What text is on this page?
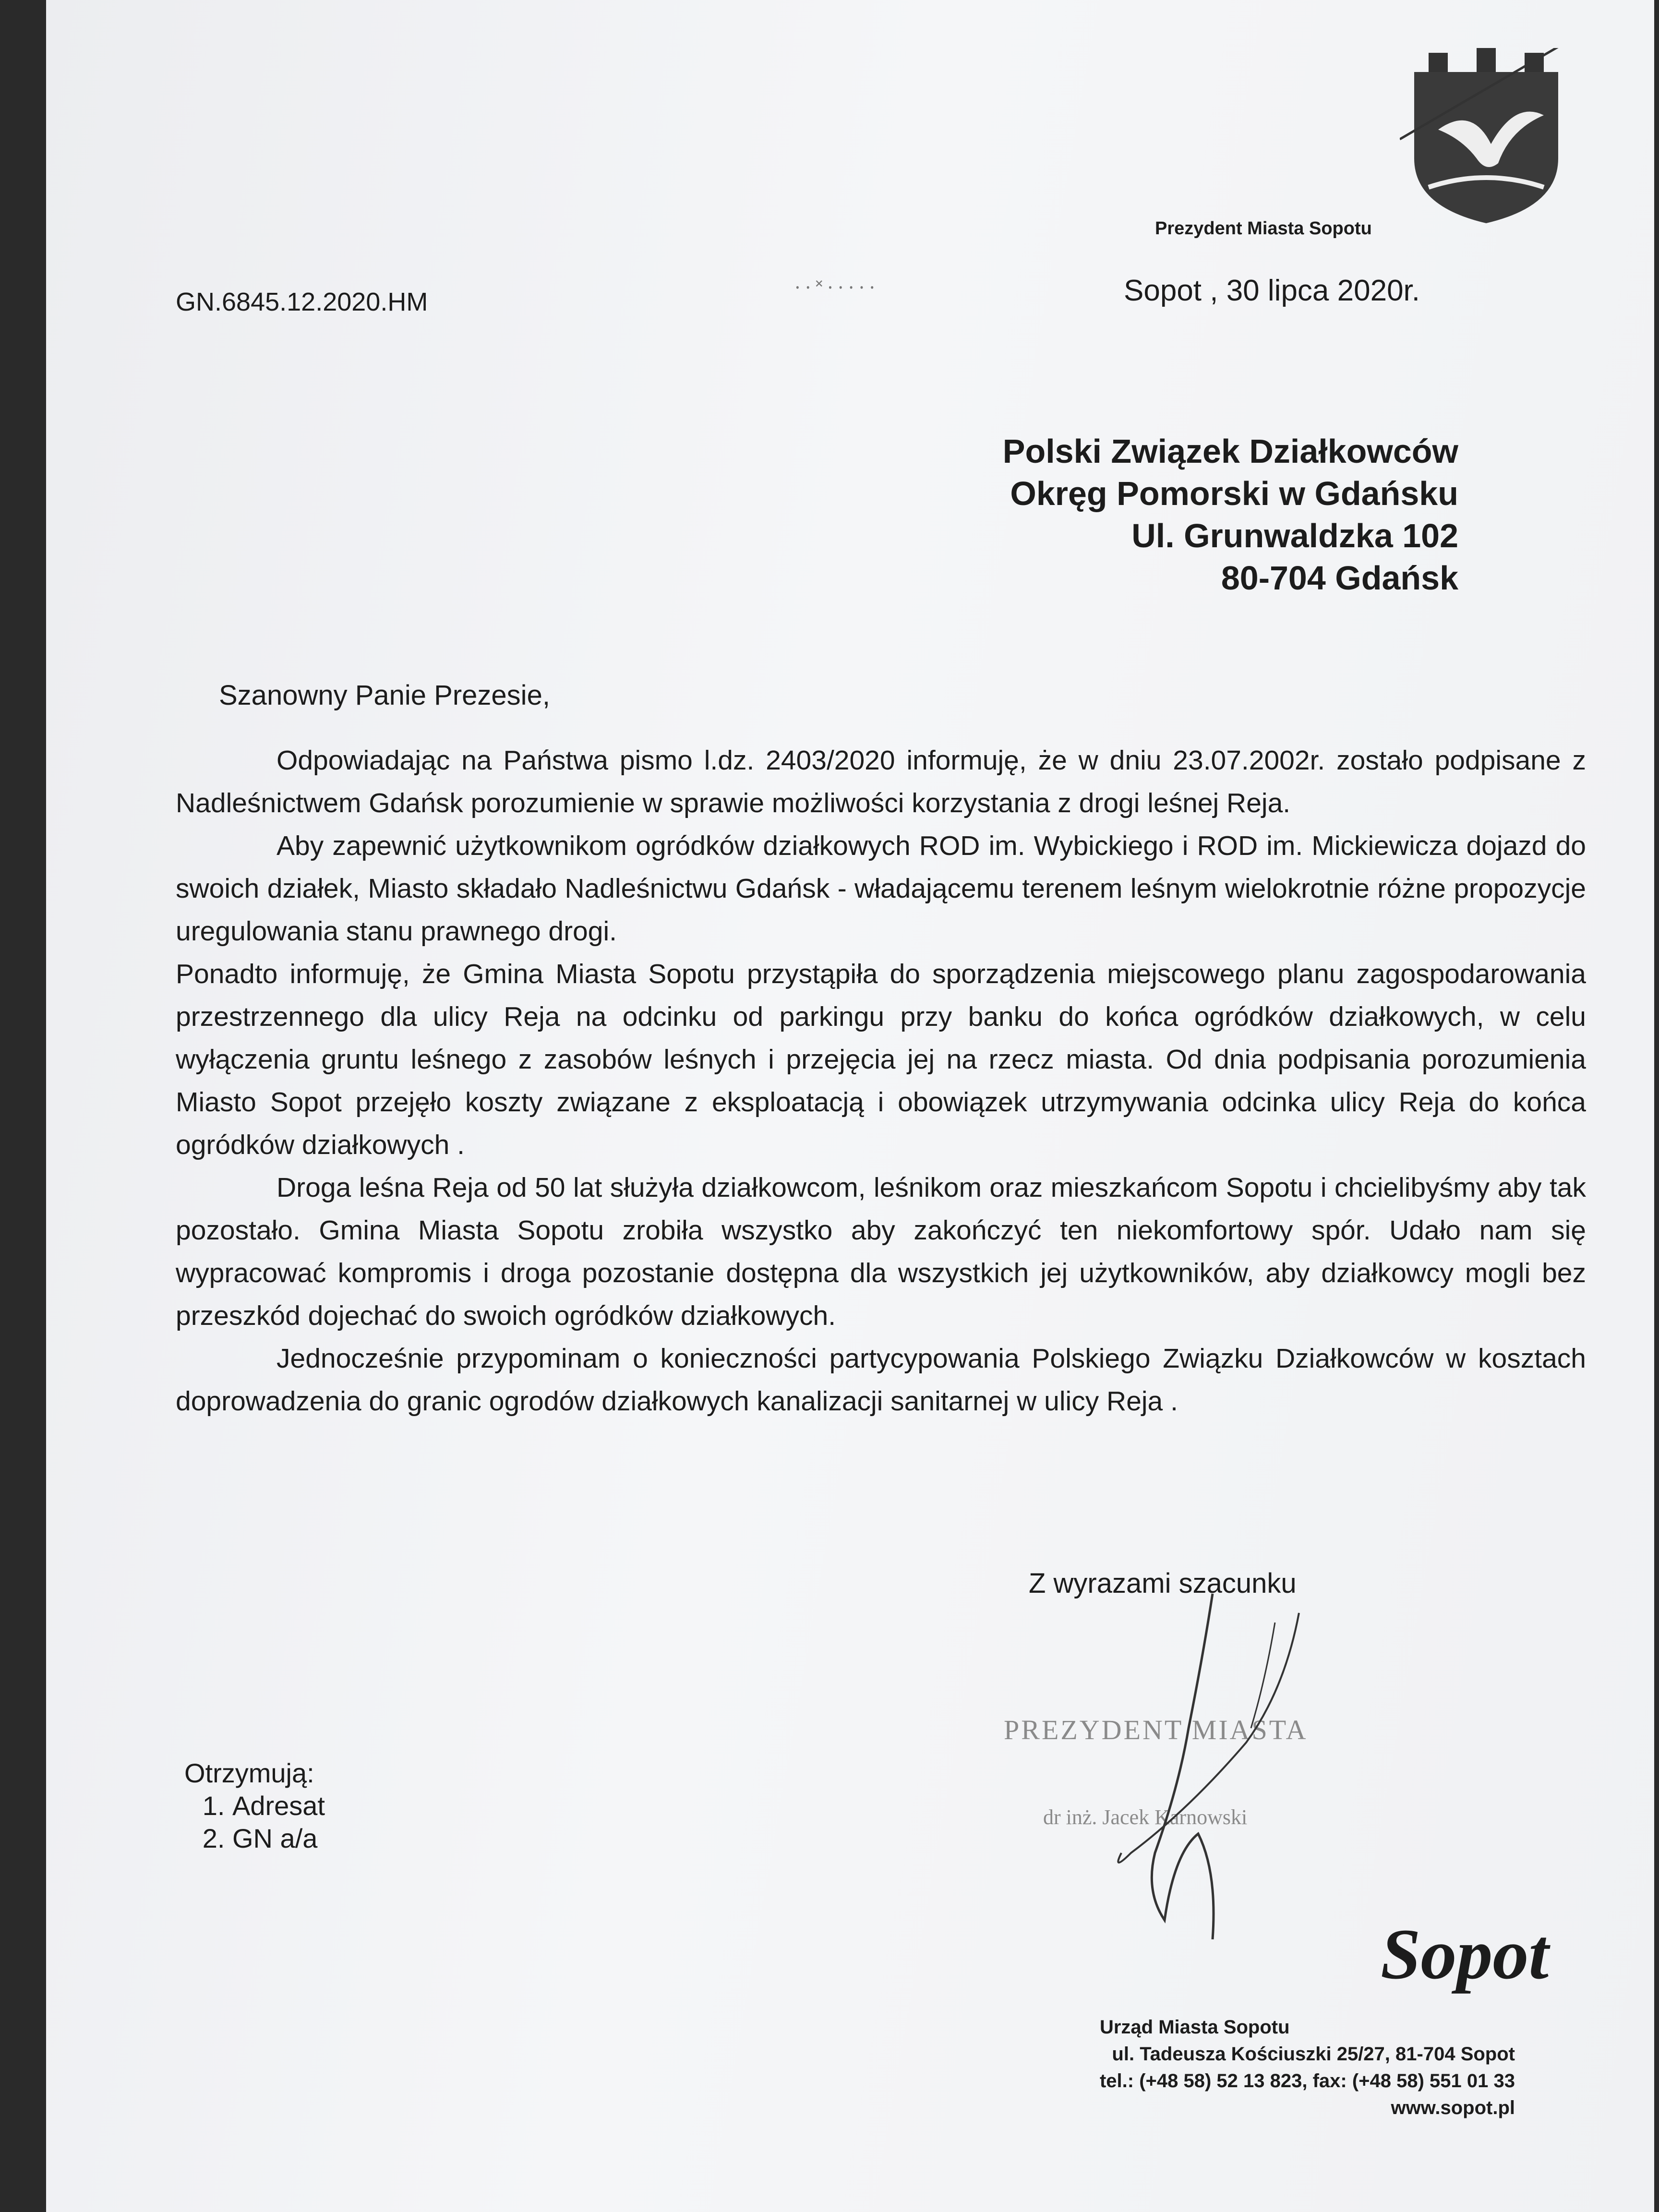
Prezydent Miasta Sopotu
GN.6845.12.2020.HM	⸱ ⸱ ˟ ⸱ ⸱ ⸱ ⸱ ⸱	Sopot , 30 lipca 2020r.
Polski Związek Działkowców
Okręg Pomorski w Gdańsku
Ul. Grunwaldzka 102
80-704 Gdańsk
Szanowny Panie Prezesie,

Odpowiadając na Państwa pismo l.dz. 2403/2020 informuję, że w dniu 23.07.2002r. zostało podpisane z Nadleśnictwem Gdańsk porozumienie w sprawie możliwości korzystania z drogi leśnej Reja.

Aby zapewnić użytkownikom ogródków działkowych ROD im. Wybickiego i ROD im. Mickiewicza dojazd do swoich działek, Miasto składało Nadleśnictwu Gdańsk - władającemu terenem leśnym wielokrotnie różne propozycje uregulowania stanu prawnego drogi.

Ponadto informuję, że Gmina Miasta Sopotu przystąpiła do sporządzenia miejscowego planu zagospodarowania przestrzennego dla ulicy Reja na odcinku od parkingu przy banku do końca ogródków działkowych, w celu wyłączenia gruntu leśnego z zasobów leśnych i przejęcia jej na rzecz miasta. Od dnia podpisania porozumienia Miasto Sopot przejęło koszty związane z eksploatacją i obowiązek utrzymywania odcinka ulicy Reja do końca ogródków działkowych .

Droga leśna Reja od 50 lat służyła działkowcom, leśnikom oraz mieszkańcom Sopotu i chcielibyśmy aby tak pozostało. Gmina Miasta Sopotu zrobiła wszystko aby zakończyć ten niekomfortowy spór. Udało nam się wypracować kompromis i droga pozostanie dostępna dla wszystkich jej użytkowników, aby działkowcy mogli bez przeszkód dojechać do swoich ogródków działkowych.

Jednocześnie przypominam o konieczności partycypowania Polskiego Związku Działkowców w kosztach doprowadzenia do granic ogrodów działkowych kanalizacji sanitarnej w ulicy Reja .

Z wyrazami szacunku
PREZYDENT MIASTA
dr inż. Jacek Karnowski
Otrzymują:
1. Adresat
2. GN a/a
Sopot
Urząd Miasta Sopotu
ul. Tadeusza Kościuszki 25/27, 81-704 Sopot
tel.: (+48 58) 52 13 823, fax: (+48 58) 551 01 33
www.sopot.pl
